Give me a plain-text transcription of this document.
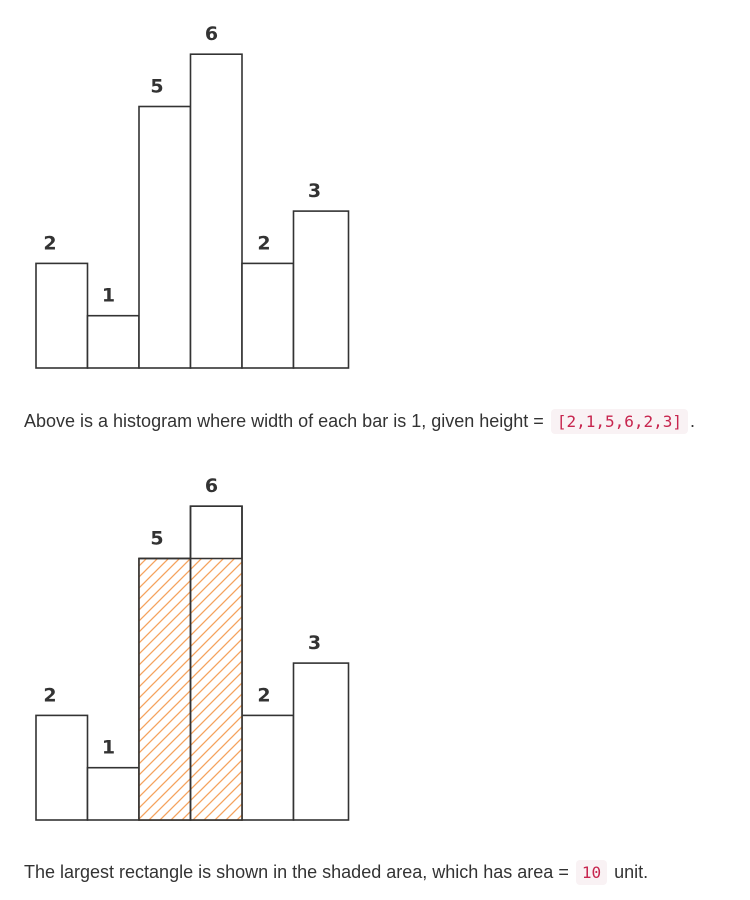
2
1
5
6
2
3
Above is a histogram where width of each bar is 1, given height = [2,1,5,6,2,3] .
2
1
5
6
2
3
The largest rectangle is shown in the shaded area, which has area = 10 unit.
